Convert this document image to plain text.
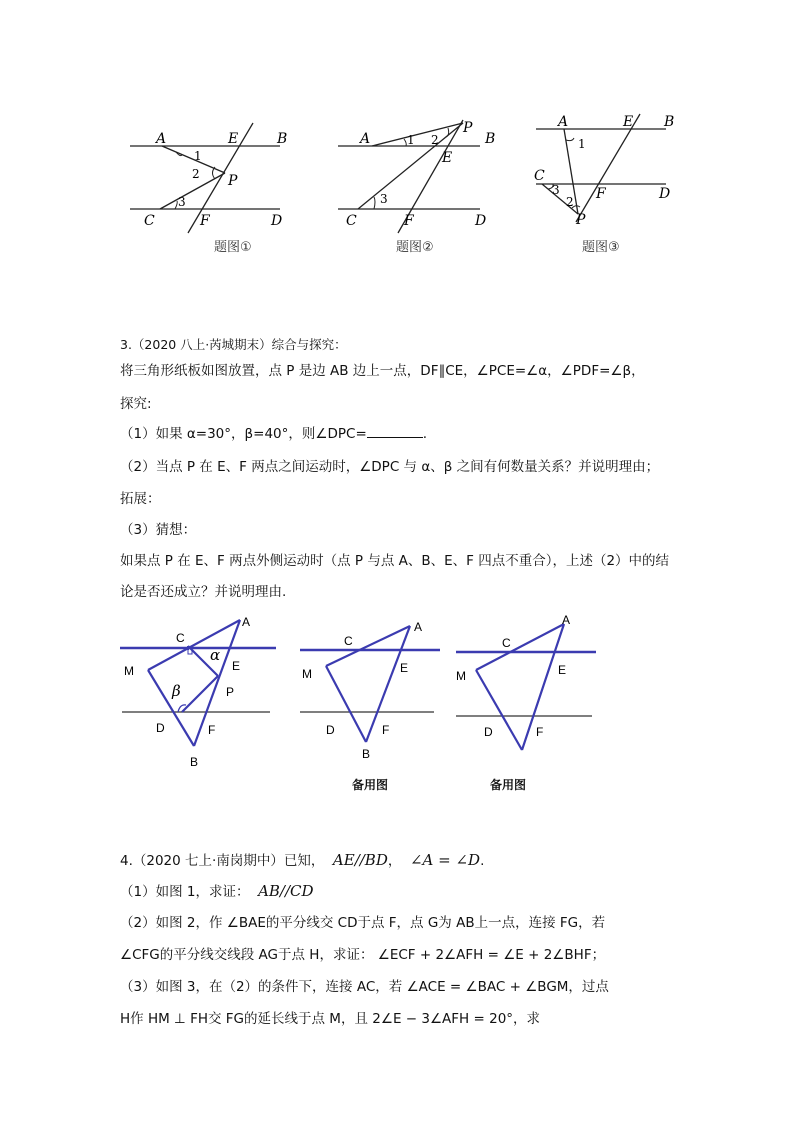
A	E	B
1
2 P
3
C	F	D
题图①
A	1 2
P
B
E
3
C	F	D
题图②
A	E B
1
C
3	F	D
2
P
题图③
3.（2020 八上·芮城期末）综合与探究：
将三角形纸板如图放置，点 P 是边 AB 边上一点，DF∥CE，∠PCE=∠α，∠PDF=∠β，
探究:
（1）如果 α=30°，β=40°，则∠DPC=	.
（2）当点 P 在 E、F 两点之间运动时，∠DPC 与 α、β 之间有何数量关系？并说明理由；
拓展：
（3）猜想：
如果点 P 在 E、F 两点外侧运动时（点 P 与点 A、B、E、F 四点不重合），上述（2）中的结
论是否还成立？并说明理由.
C
A
α
M	E
β	P
D	F
B
C
A
M	E
D	F
B
备用图
C
A
M	E
D	F
备用图
4.（2020 七上·南岗期中）已知， AE//BD， ∠A = ∠D.
（1）如图 1，求证： AB//CD
（2）如图 2，作 ∠BAE的平分线交 CD于点 F，点 G为 AB上一点，连接 FG，若
∠CFG的平分线交线段 AG于点 H，求证： ∠ECF + 2∠AFH = ∠E + 2∠BHF；
（3）如图 3，在（2）的条件下，连接 AC，若 ∠ACE = ∠BAC + ∠BGM，过点
H作 HM ⊥ FH交 FG的延长线于点 M，且 2∠E − 3∠AFH = 20°，求
